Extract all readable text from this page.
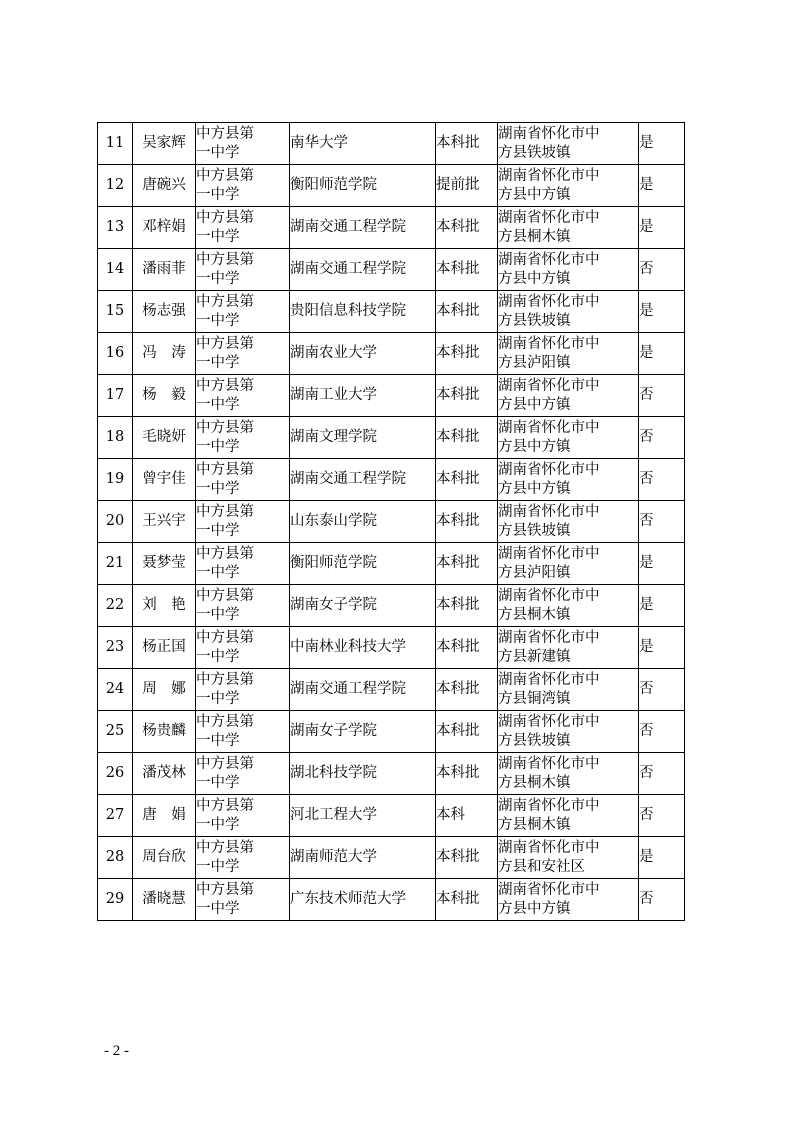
11	吴家辉	中方县第
一中学	南华大学	本科批	湖南省怀化市中
方县铁坡镇	是
12	唐碗兴	中方县第
一中学	衡阳师范学院	提前批	湖南省怀化市中
方县中方镇	是
13	邓梓娟	中方县第
一中学	湖南交通工程学院	本科批	湖南省怀化市中
方县桐木镇	是
14	潘雨菲	中方县第
一中学	湖南交通工程学院	本科批	湖南省怀化市中
方县中方镇	否
15	杨志强	中方县第
一中学	贵阳信息科技学院	本科批	湖南省怀化市中
方县铁坡镇	是
16	冯　涛	中方县第
一中学	湖南农业大学	本科批	湖南省怀化市中
方县泸阳镇	是
17	杨　毅	中方县第
一中学	湖南工业大学	本科批	湖南省怀化市中
方县中方镇	否
18	毛晓妍	中方县第
一中学	湖南文理学院	本科批	湖南省怀化市中
方县中方镇	否
19	曾宇佳	中方县第
一中学	湖南交通工程学院	本科批	湖南省怀化市中
方县中方镇	否
20	王兴宇	中方县第
一中学	山东泰山学院	本科批	湖南省怀化市中
方县铁坡镇	否
21	聂梦莹	中方县第
一中学	衡阳师范学院	本科批	湖南省怀化市中
方县泸阳镇	是
22	刘　艳	中方县第
一中学	湖南女子学院	本科批	湖南省怀化市中
方县桐木镇	是
23	杨正国	中方县第
一中学	中南林业科技大学	本科批	湖南省怀化市中
方县新建镇	是
24	周　娜	中方县第
一中学	湖南交通工程学院	本科批	湖南省怀化市中
方县铜湾镇	否
25	杨贵麟	中方县第
一中学	湖南女子学院	本科批	湖南省怀化市中
方县铁坡镇	否
26	潘茂林	中方县第
一中学	湖北科技学院	本科批	湖南省怀化市中
方县桐木镇	否
27	唐　娟	中方县第
一中学	河北工程大学	本科	湖南省怀化市中
方县桐木镇	否
28	周台欣	中方县第
一中学	湖南师范大学	本科批	湖南省怀化市中
方县和安社区	是
29	潘晓慧	中方县第
一中学	广东技术师范大学	本科批	湖南省怀化市中
方县中方镇	否
- 2 -
